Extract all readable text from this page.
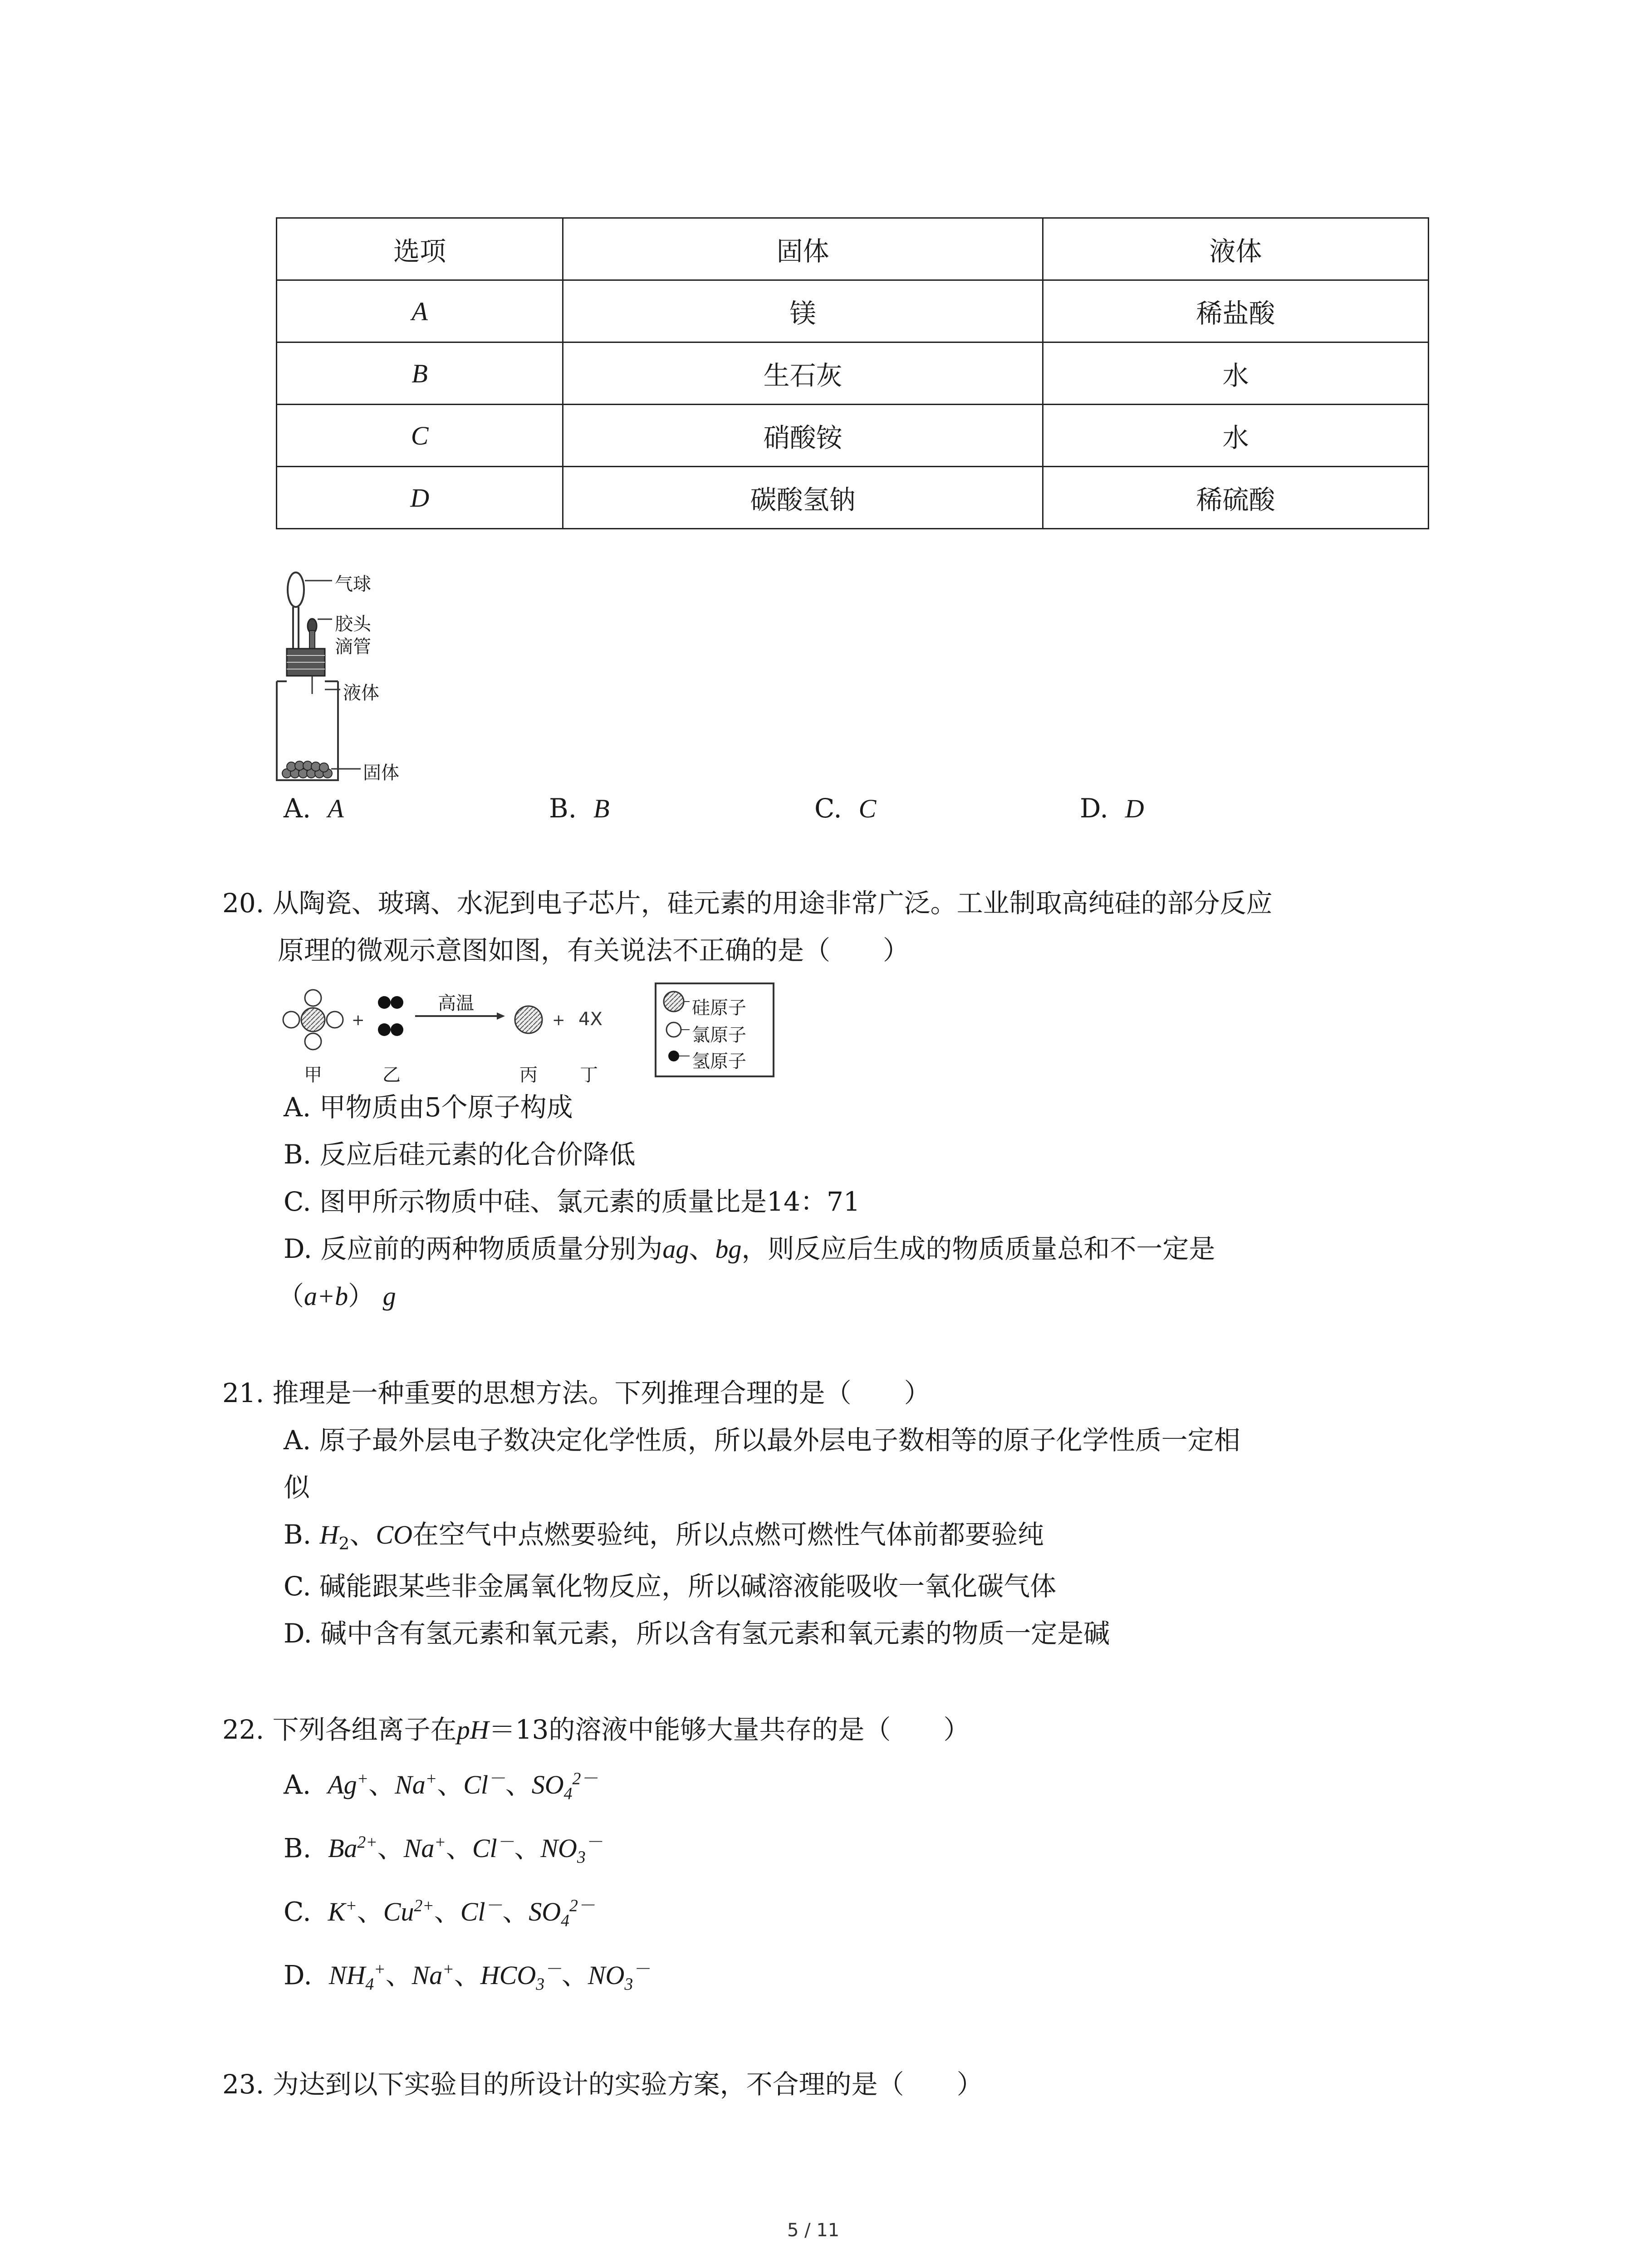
选项	固体	液体
A	镁	稀盐酸
B	生石灰	水
C	硝酸铵	水
D	碳酸氢钠	稀硫酸
气球
胶头
滴管
液体
固体
A. A	B. B	C. C	D. D
20. 从陶瓷、玻璃、水泥到电子芯片，硅元素的用途非常广泛。工业制取高纯硅的部分反应
原理的微观示意图如图，有关说法不正确的是（　　）
+	+
高温
4X
甲	乙	丙 丁
硅原子
氯原子
氢原子
A. 甲物质由5个原子构成
B. 反应后硅元素的化合价降低
C. 图甲所示物质中硅、氯元素的质量比是14：71
D. 反应前的两种物质质量分别为ag、bg，则反应后生成的物质质量总和不一定是
（a+b） g
21. 推理是一种重要的思想方法。下列推理合理的是（　　）
A. 原子最外层电子数决定化学性质，所以最外层电子数相等的原子化学性质一定相
似
B. $H_2$、CO在空气中点燃要验纯，所以点燃可燃性气体前都要验纯
C. 碱能跟某些非金属氧化物反应，所以碱溶液能吸收一氧化碳气体
D. 碱中含有氢元素和氧元素，所以含有氢元素和氧元素的物质一定是碱
22. 下列各组离子在pH＝13的溶液中能够大量共存的是（　　）
A. Ag+、Na+、Cl－、$SO_4^{2-}$
B. $Ba^{2+}$、Na+、Cl－、$NO_3^-$
C. K+、$Cu^{2+}$、Cl－、$SO_4^{2-}$
D. $NH_4^+$、Na+、$HCO_3^-$、$NO_3^-$
23. 为达到以下实验目的所设计的实验方案，不合理的是（　　）
5 / 11
